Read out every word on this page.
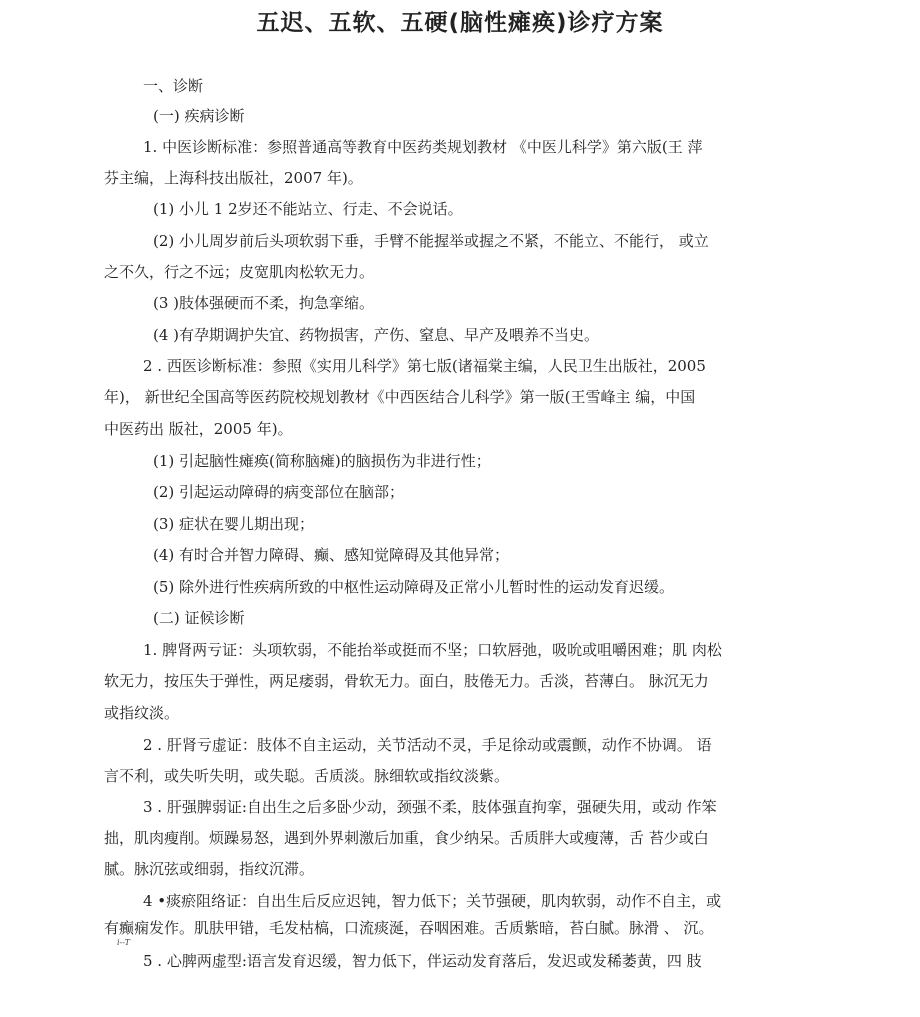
五迟、五软、五硬(脑性瘫痪)诊疗方案
一、诊断
(一) 疾病诊断
1. 中医诊断标准：参照普通高等教育中医药类规划教材 《中医儿科学》第六版(王 萍
芬主编，上海科技出版社，2007 年)。
(1) 小儿 1 2岁还不能站立、行走、不会说话。
(2) 小儿周岁前后头项软弱下垂，手臂不能握举或握之不紧，不能立、不能行， 或立
之不久，行之不远；皮宽肌肉松软无力。
(3 )肢体强硬而不柔，拘急挛缩。
(4 )有孕期调护失宜、药物损害，产伤、窒息、早产及喂养不当史。
2 . 西医诊断标准：参照《实用儿科学》第七版(诸福棠主编，人民卫生出版社，2005
年)， 新世纪全国高等医药院校规划教材《中西医结合儿科学》第一版(王雪峰主 编，中国
中医药出 版社，2005 年)。
(1) 引起脑性瘫痪(简称脑瘫)的脑损伤为非进行性；
(2) 引起运动障碍的病变部位在脑部；
(3) 症状在婴儿期出现；
(4) 有时合并智力障碍、癫、感知觉障碍及其他异常；
(5) 除外进行性疾病所致的中枢性运动障碍及正常小儿暂时性的运动发育迟缓。
(二) 证候诊断
1. 脾肾两亏证：头项软弱，不能抬举或挺而不坚；口软唇弛，吸吮或咀嚼困难；肌 肉松
软无力，按压失于弹性，两足痿弱，骨软无力。面白，肢倦无力。舌淡，苔薄白。 脉沉无力
或指纹淡。
2 . 肝肾亏虚证：肢体不自主运动，关节活动不灵，手足徐动或震颤，动作不协调。 语
言不利，或失听失明，或失聪。舌质淡。脉细软或指纹淡紫。
3 . 肝强脾弱证:自出生之后多卧少动，颈强不柔，肢体强直拘挛，强硬失用，或动 作笨
拙，肌肉瘦削。烦躁易怒，遇到外界刺激后加重，食少纳呆。舌质胖大或瘦薄，舌 苔少或白
腻。脉沉弦或细弱，指纹沉滞。
4 •痰瘀阻络证：自出生后反应迟钝，智力低下；关节强硬，肌肉软弱，动作不自主，或
有癫痫发作。肌肤甲错，毛发枯槁，口流痰涎，吞咽困难。舌质紫暗，苔白腻。脉滑 、 沉。
i--T
5 . 心脾两虚型:语言发育迟缓，智力低下，伴运动发育落后，发迟或发稀萎黄，四 肢
